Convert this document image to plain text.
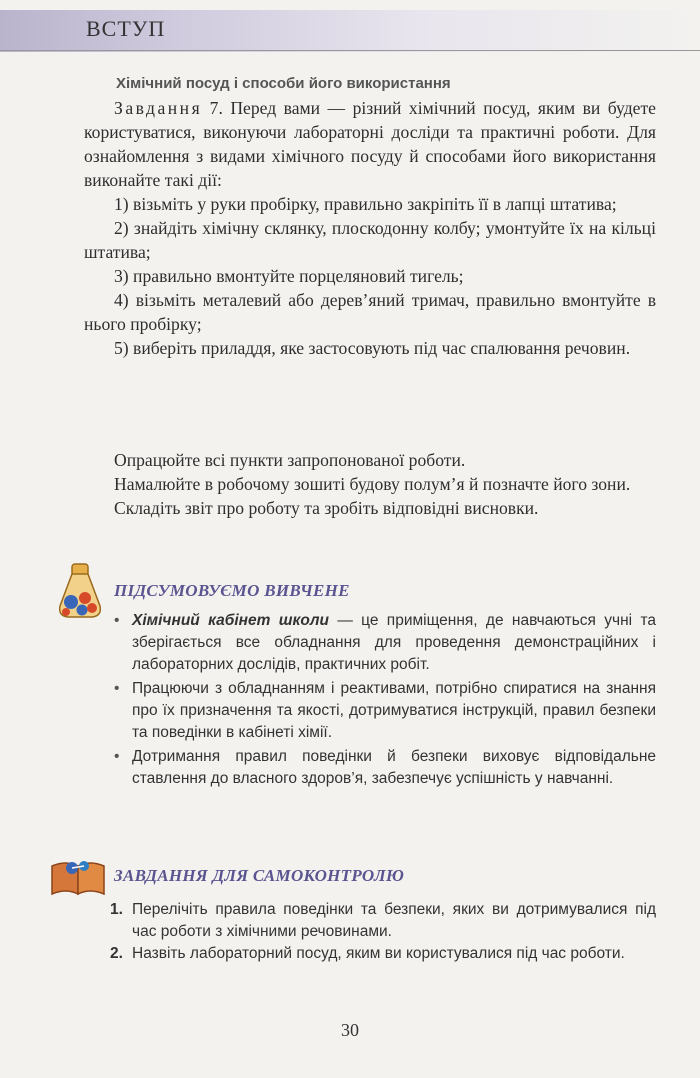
ВСТУП
Хімічний посуд і способи його використання

Завдання 7. Перед вами — різний хімічний посуд, яким ви будете користуватися, виконуючи лабораторні досліди та практичні роботи. Для ознайомлення з видами хімічного посуду й способами його використання виконайте такі дії:

1) візьміть у руки пробірку, правильно закріпіть її в лапці штатива;

2) знайдіть хімічну склянку, плоскодонну колбу; умонтуйте їх на кільці штатива;

3) правильно вмонтуйте порцеляновий тигель;

4) візьміть металевий або дерев’яний тримач, правильно вмонтуйте в нього пробірку;

5) виберіть приладдя, яке застосовують під час спалювання речовин.

Опрацюйте всі пункти запропонованої роботи.

Намалюйте в робочому зошиті будову полум’я й позначте його зони.

Складіть звіт про роботу та зробіть відповідні висновки.

ПІДСУМОВУЄМО ВИВЧЕНЕ
• Хімічний кабінет школи — це приміщення, де навчаються учні та зберігається все обладнання для проведення демонстраційних і лабораторних дослідів, практичних робіт.
• Працюючи з обладнанням і реактивами, потрібно спиратися на знання про їх призначення та якості, дотримуватися інструкцій, правил безпеки та поведінки в кабінеті хімії.
• Дотримання правил поведінки й безпеки виховує відповідальне ставлення до власного здоров’я, забезпечує успішність у навчанні.
ЗАВДАННЯ ДЛЯ САМОКОНТРОЛЮ
1. Перелічіть правила поведінки та безпеки, яких ви дотримувалися під час роботи з хімічними речовинами.
2. Назвіть лабораторний посуд, яким ви користувалися під час роботи.
30
